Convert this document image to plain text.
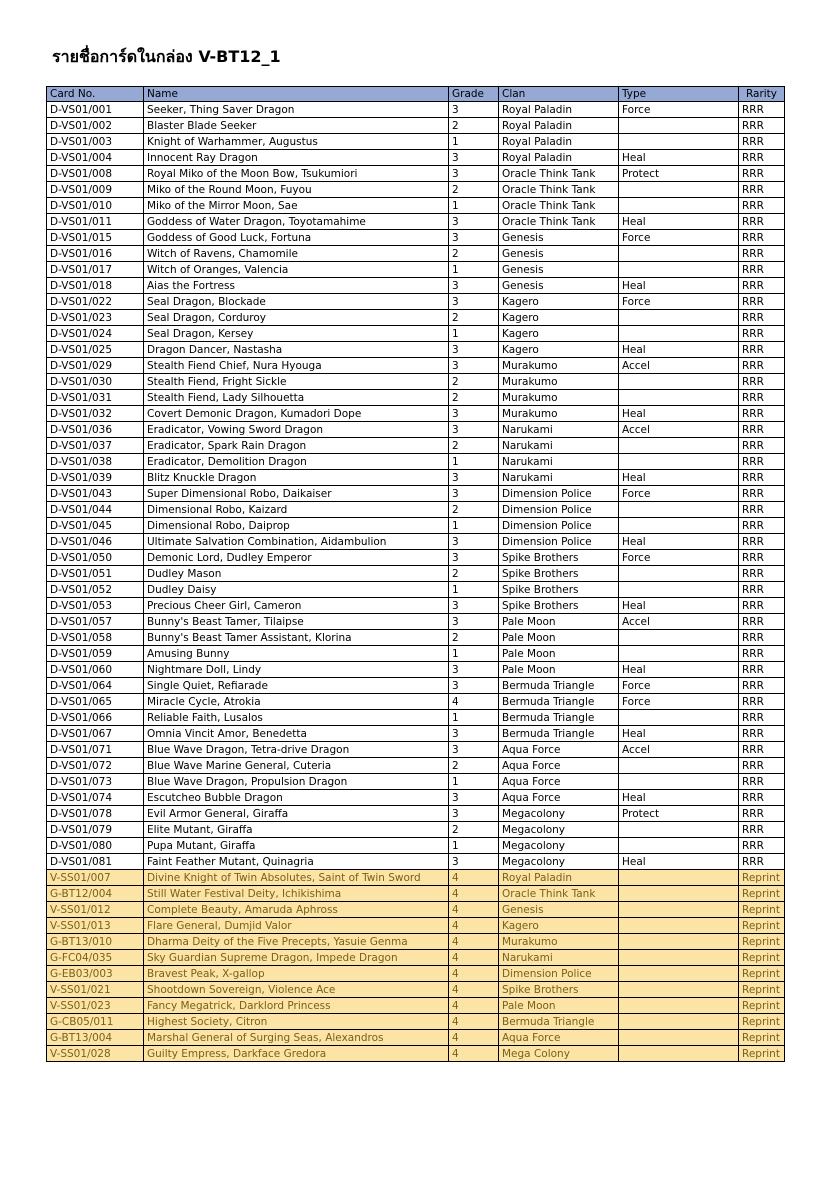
รายชื่อการ์ดในกล่อง V-BT12_1
Card No.	Name	Grade	Clan	Type	Rarity
D-VS01/001	Seeker, Thing Saver Dragon	3	Royal Paladin	Force	RRR
D-VS01/002	Blaster Blade Seeker	2	Royal Paladin		RRR
D-VS01/003	Knight of Warhammer, Augustus	1	Royal Paladin		RRR
D-VS01/004	Innocent Ray Dragon	3	Royal Paladin	Heal	RRR
D-VS01/008	Royal Miko of the Moon Bow, Tsukumiori	3	Oracle Think Tank	Protect	RRR
D-VS01/009	Miko of the Round Moon, Fuyou	2	Oracle Think Tank		RRR
D-VS01/010	Miko of the Mirror Moon, Sae	1	Oracle Think Tank		RRR
D-VS01/011	Goddess of Water Dragon, Toyotamahime	3	Oracle Think Tank	Heal	RRR
D-VS01/015	Goddess of Good Luck, Fortuna	3	Genesis	Force	RRR
D-VS01/016	Witch of Ravens, Chamomile	2	Genesis		RRR
D-VS01/017	Witch of Oranges, Valencia	1	Genesis		RRR
D-VS01/018	Aias the Fortress	3	Genesis	Heal	RRR
D-VS01/022	Seal Dragon, Blockade	3	Kagero	Force	RRR
D-VS01/023	Seal Dragon, Corduroy	2	Kagero		RRR
D-VS01/024	Seal Dragon, Kersey	1	Kagero		RRR
D-VS01/025	Dragon Dancer, Nastasha	3	Kagero	Heal	RRR
D-VS01/029	Stealth Fiend Chief, Nura Hyouga	3	Murakumo	Accel	RRR
D-VS01/030	Stealth Fiend, Fright Sickle	2	Murakumo		RRR
D-VS01/031	Stealth Fiend, Lady Silhouetta	2	Murakumo		RRR
D-VS01/032	Covert Demonic Dragon, Kumadori Dope	3	Murakumo	Heal	RRR
D-VS01/036	Eradicator, Vowing Sword Dragon	3	Narukami	Accel	RRR
D-VS01/037	Eradicator, Spark Rain Dragon	2	Narukami		RRR
D-VS01/038	Eradicator, Demolition Dragon	1	Narukami		RRR
D-VS01/039	Blitz Knuckle Dragon	3	Narukami	Heal	RRR
D-VS01/043	Super Dimensional Robo, Daikaiser	3	Dimension Police	Force	RRR
D-VS01/044	Dimensional Robo, Kaizard	2	Dimension Police		RRR
D-VS01/045	Dimensional Robo, Daiprop	1	Dimension Police		RRR
D-VS01/046	Ultimate Salvation Combination, Aidambulion	3	Dimension Police	Heal	RRR
D-VS01/050	Demonic Lord, Dudley Emperor	3	Spike Brothers	Force	RRR
D-VS01/051	Dudley Mason	2	Spike Brothers		RRR
D-VS01/052	Dudley Daisy	1	Spike Brothers		RRR
D-VS01/053	Precious Cheer Girl, Cameron	3	Spike Brothers	Heal	RRR
D-VS01/057	Bunny's Beast Tamer, Tilaipse	3	Pale Moon	Accel	RRR
D-VS01/058	Bunny's Beast Tamer Assistant, Klorina	2	Pale Moon		RRR
D-VS01/059	Amusing Bunny	1	Pale Moon		RRR
D-VS01/060	Nightmare Doll, Lindy	3	Pale Moon	Heal	RRR
D-VS01/064	Single Quiet, Refiarade	3	Bermuda Triangle	Force	RRR
D-VS01/065	Miracle Cycle, Atrokia	4	Bermuda Triangle	Force	RRR
D-VS01/066	Reliable Faith, Lusalos	1	Bermuda Triangle		RRR
D-VS01/067	Omnia Vincit Amor, Benedetta	3	Bermuda Triangle	Heal	RRR
D-VS01/071	Blue Wave Dragon, Tetra-drive Dragon	3	Aqua Force	Accel	RRR
D-VS01/072	Blue Wave Marine General, Cuteria	2	Aqua Force		RRR
D-VS01/073	Blue Wave Dragon, Propulsion Dragon	1	Aqua Force		RRR
D-VS01/074	Escutcheo Bubble Dragon	3	Aqua Force	Heal	RRR
D-VS01/078	Evil Armor General, Giraffa	3	Megacolony	Protect	RRR
D-VS01/079	Elite Mutant, Giraffa	2	Megacolony		RRR
D-VS01/080	Pupa Mutant, Giraffa	1	Megacolony		RRR
D-VS01/081	Faint Feather Mutant, Quinagria	3	Megacolony	Heal	RRR
V-SS01/007	Divine Knight of Twin Absolutes, Saint of Twin Sword	4	Royal Paladin		Reprint
G-BT12/004	Still Water Festival Deity, Ichikishima	4	Oracle Think Tank		Reprint
V-SS01/012	Complete Beauty, Amaruda Aphross	4	Genesis		Reprint
V-SS01/013	Flare General, Dumjid Valor	4	Kagero		Reprint
G-BT13/010	Dharma Deity of the Five Precepts, Yasuie Genma	4	Murakumo		Reprint
G-FC04/035	Sky Guardian Supreme Dragon, Impede Dragon	4	Narukami		Reprint
G-EB03/003	Bravest Peak, X-gallop	4	Dimension Police		Reprint
V-SS01/021	Shootdown Sovereign, Violence Ace	4	Spike Brothers		Reprint
V-SS01/023	Fancy Megatrick, Darklord Princess	4	Pale Moon		Reprint
G-CB05/011	Highest Society, Citron	4	Bermuda Triangle		Reprint
G-BT13/004	Marshal General of Surging Seas, Alexandros	4	Aqua Force		Reprint
V-SS01/028	Guilty Empress, Darkface Gredora	4	Mega Colony		Reprint
